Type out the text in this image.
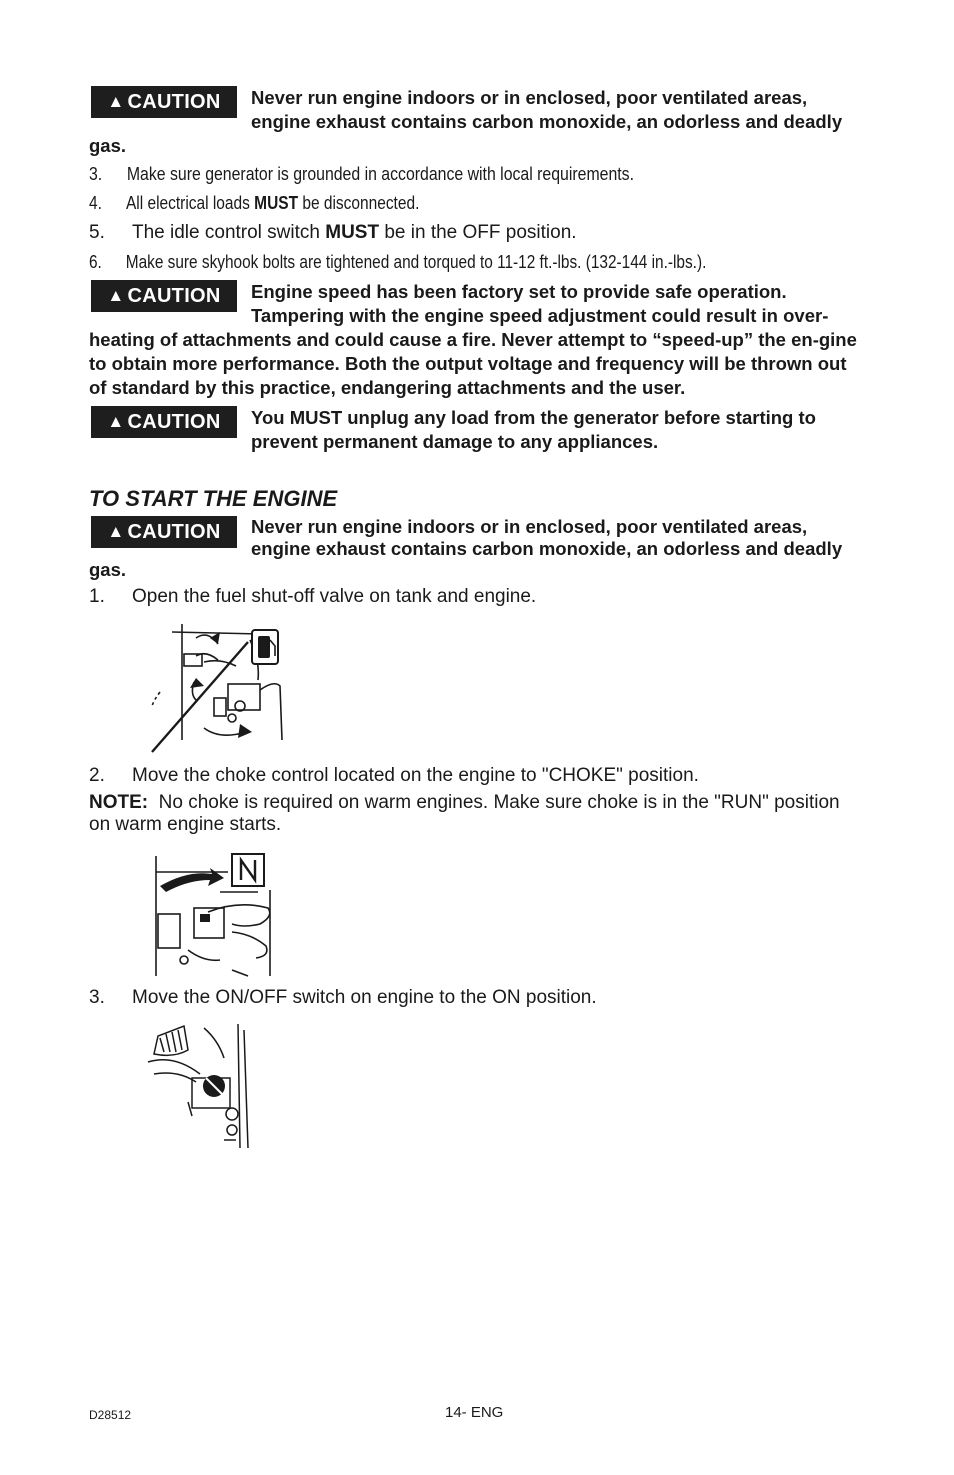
▲ CAUTION	Never run engine indoors or in enclosed, poor ventilated areas, engine exhaust contains carbon monoxide, an odorless and deadly gas.
3. Make sure generator is grounded in accordance with local requirements.
4. All electrical loads MUST be disconnected.
5. The idle control switch MUST be in the OFF position.
6. Make sure skyhook bolts are tightened and torqued to 11-12 ft.-lbs. (132-144 in.-lbs.).
▲ CAUTION	Engine speed has been factory set to provide safe operation. Tampering with the engine speed adjustment could result in over-heating of attachments and could cause a fire. Never attempt to “speed-up” the en-gine to obtain more performance. Both the output voltage and frequency will be thrown out of standard by this practice, endangering attachments and the user.
▲ CAUTION	You MUST unplug any load from the generator before starting to prevent permanent damage to any appliances.
TO START THE ENGINE
▲ CAUTION	Never run engine indoors or in enclosed, poor ventilated areas, engine exhaust contains carbon monoxide, an odorless and deadly gas.
1. Open the fuel shut-off valve on tank and engine.
2. Move the choke control located on the engine to "CHOKE" position.
NOTE: No choke is required on warm engines. Make sure choke is in the "RUN" position on warm engine starts.
3. Move the ON/OFF switch on engine to the ON position.
D28512	14- ENG
